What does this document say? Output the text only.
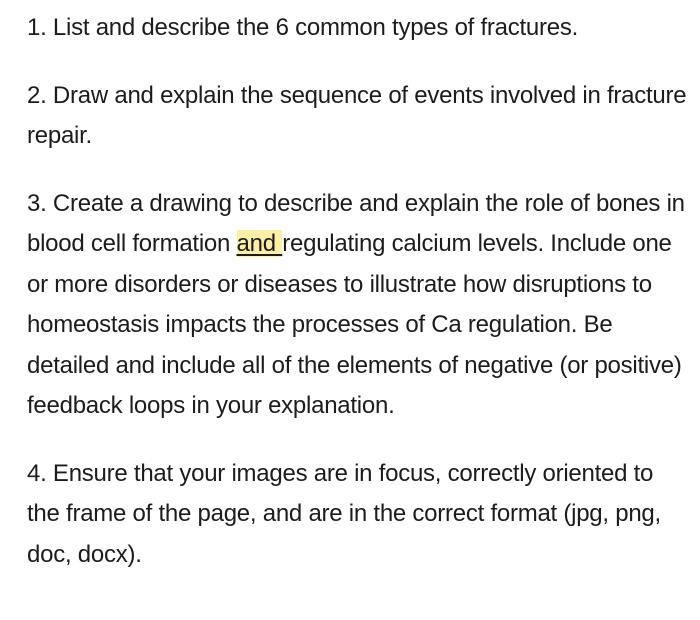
1. List and describe the 6 common types of fractures.

2. Draw and explain the sequence of events involved in fracture repair.

3. Create a drawing to describe and explain the role of bones in blood cell formation and regulating calcium levels. Include one or more disorders or diseases to illustrate how disruptions to homeostasis impacts the processes of Ca regulation. Be detailed and include all of the elements of negative (or positive) feedback loops in your explanation.

4. Ensure that your images are in focus, correctly oriented to the frame of the page, and are in the correct format (jpg, png, doc, docx).
